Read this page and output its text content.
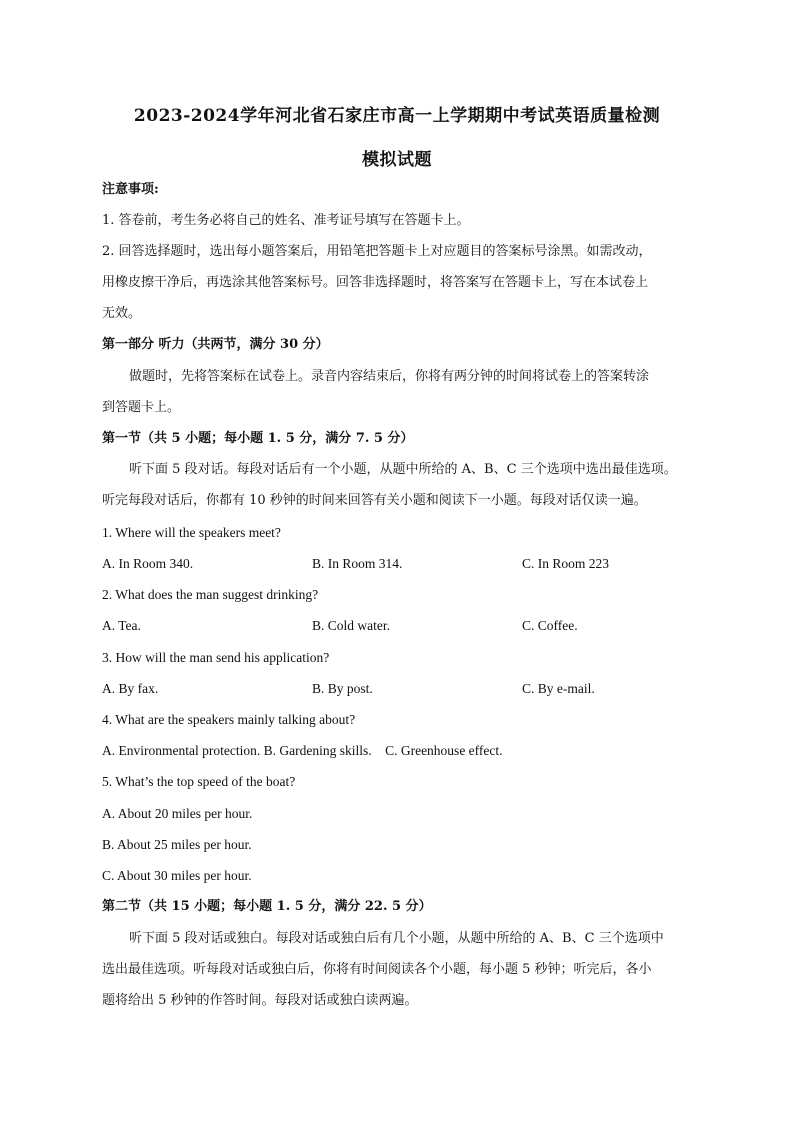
2023-2024学年河北省石家庄市高一上学期期中考试英语质量检测
模拟试题
注意事项:
1. 答卷前，考生务必将自己的姓名、准考证号填写在答题卡上。
2. 回答选择题时，选出每小题答案后，用铅笔把答题卡上对应题目的答案标号涂黑。如需改动，
用橡皮擦干净后，再选涂其他答案标号。回答非选择题时，将答案写在答题卡上，写在本试卷上
无效。
第一部分 听力（共两节，满分 30 分）
做题时，先将答案标在试卷上。录音内容结束后，你将有两分钟的时间将试卷上的答案转涂
到答题卡上。
第一节（共 5 小题；每小题 1. 5 分，满分 7. 5 分）
听下面 5 段对话。每段对话后有一个小题，从题中所给的 A、B、C 三个选项中选出最佳选项。
听完每段对话后，你都有 10 秒钟的时间来回答有关小题和阅读下一小题。每段对话仅读一遍。
1. Where will the speakers meet?
A. In Room 340.	B. In Room 314.	C. In Room 223
2. What does the man suggest drinking?
A. Tea.	B. Cold water.	C. Coffee.
3. How will the man send his application?
A. By fax.	B. By post.	C. By e-mail.
4. What are the speakers mainly talking about?
A. Environmental protection. B. Gardening skills.    C. Greenhouse effect.
5. What’s the top speed of the boat?
A. About 20 miles per hour.
B. About 25 miles per hour.
C. About 30 miles per hour.
第二节（共 15 小题；每小题 1. 5 分，满分 22. 5 分）
听下面 5 段对话或独白。每段对话或独白后有几个小题，从题中所给的 A、B、C 三个选项中
选出最佳选项。听每段对话或独白后，你将有时间阅读各个小题，每小题 5 秒钟；听完后，各小
题将给出 5 秒钟的作答时间。每段对话或独白读两遍。
